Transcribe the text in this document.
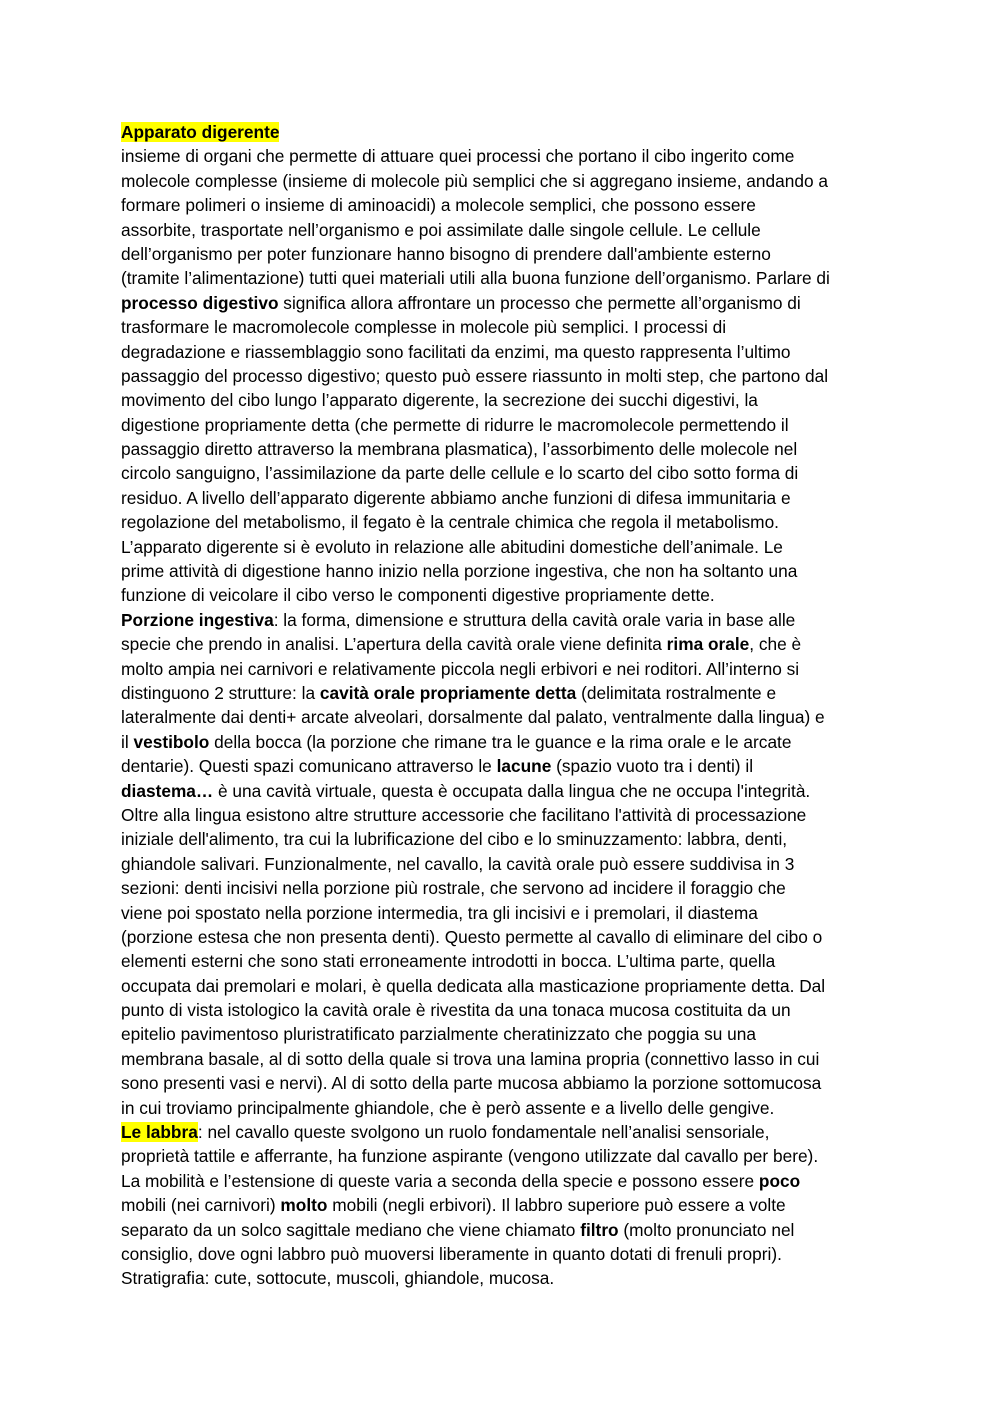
Apparato digerente
insieme di organi che permette di attuare quei processi che portano il cibo ingerito come
molecole complesse (insieme di molecole più semplici che si aggregano insieme, andando a
formare polimeri o insieme di aminoacidi) a molecole semplici, che possono essere
assorbite, trasportate nell’organismo e poi assimilate dalle singole cellule. Le cellule
dell’organismo per poter funzionare hanno bisogno di prendere dall'ambiente esterno
(tramite l’alimentazione) tutti quei materiali utili alla buona funzione dell’organismo. Parlare di
processo digestivo significa allora affrontare un processo che permette all’organismo di
trasformare le macromolecole complesse in molecole più semplici. I processi di
degradazione e riassemblaggio sono facilitati da enzimi, ma questo rappresenta l’ultimo
passaggio del processo digestivo; questo può essere riassunto in molti step, che partono dal
movimento del cibo lungo l’apparato digerente, la secrezione dei succhi digestivi, la
digestione propriamente detta (che permette di ridurre le macromolecole permettendo il
passaggio diretto attraverso la membrana plasmatica), l’assorbimento delle molecole nel
circolo sanguigno, l’assimilazione da parte delle cellule e lo scarto del cibo sotto forma di
residuo. A livello dell’apparato digerente abbiamo anche funzioni di difesa immunitaria e
regolazione del metabolismo, il fegato è la centrale chimica che regola il metabolismo.
L’apparato digerente si è evoluto in relazione alle abitudini domestiche dell’animale. Le
prime attività di digestione hanno inizio nella porzione ingestiva, che non ha soltanto una
funzione di veicolare il cibo verso le componenti digestive propriamente dette.
Porzione ingestiva: la forma, dimensione e struttura della cavità orale varia in base alle
specie che prendo in analisi. L’apertura della cavità orale viene definita rima orale, che è
molto ampia nei carnivori e relativamente piccola negli erbivori e nei roditori. All’interno si
distinguono 2 strutture: la cavità orale propriamente detta (delimitata rostralmente e
lateralmente dai denti+ arcate alveolari, dorsalmente dal palato, ventralmente dalla lingua) e
il vestibolo della bocca (la porzione che rimane tra le guance e la rima orale e le arcate
dentarie). Questi spazi comunicano attraverso le lacune (spazio vuoto tra i denti) il
diastema… è una cavità virtuale, questa è occupata dalla lingua che ne occupa l'integrità.
Oltre alla lingua esistono altre strutture accessorie che facilitano l'attività di processazione
iniziale dell'alimento, tra cui la lubrificazione del cibo e lo sminuzzamento: labbra, denti,
ghiandole salivari. Funzionalmente, nel cavallo, la cavità orale può essere suddivisa in 3
sezioni: denti incisivi nella porzione più rostrale, che servono ad incidere il foraggio che
viene poi spostato nella porzione intermedia, tra gli incisivi e i premolari, il diastema
(porzione estesa che non presenta denti). Questo permette al cavallo di eliminare del cibo o
elementi esterni che sono stati erroneamente introdotti in bocca. L’ultima parte, quella
occupata dai premolari e molari, è quella dedicata alla masticazione propriamente detta. Dal
punto di vista istologico la cavità orale è rivestita da una tonaca mucosa costituita da un
epitelio pavimentoso pluristratificato parzialmente cheratinizzato che poggia su una
membrana basale, al di sotto della quale si trova una lamina propria (connettivo lasso in cui
sono presenti vasi e nervi). Al di sotto della parte mucosa abbiamo la porzione sottomucosa
in cui troviamo principalmente ghiandole, che è però assente e a livello delle gengive.
Le labbra: nel cavallo queste svolgono un ruolo fondamentale nell’analisi sensoriale,
proprietà tattile e afferrante, ha funzione aspirante (vengono utilizzate dal cavallo per bere).
La mobilità e l’estensione di queste varia a seconda della specie e possono essere poco
mobili (nei carnivori) molto mobili (negli erbivori). Il labbro superiore può essere a volte
separato da un solco sagittale mediano che viene chiamato filtro (molto pronunciato nel
consiglio, dove ogni labbro può muoversi liberamente in quanto dotati di frenuli propri).
Stratigrafia: cute, sottocute, muscoli, ghiandole, mucosa.
